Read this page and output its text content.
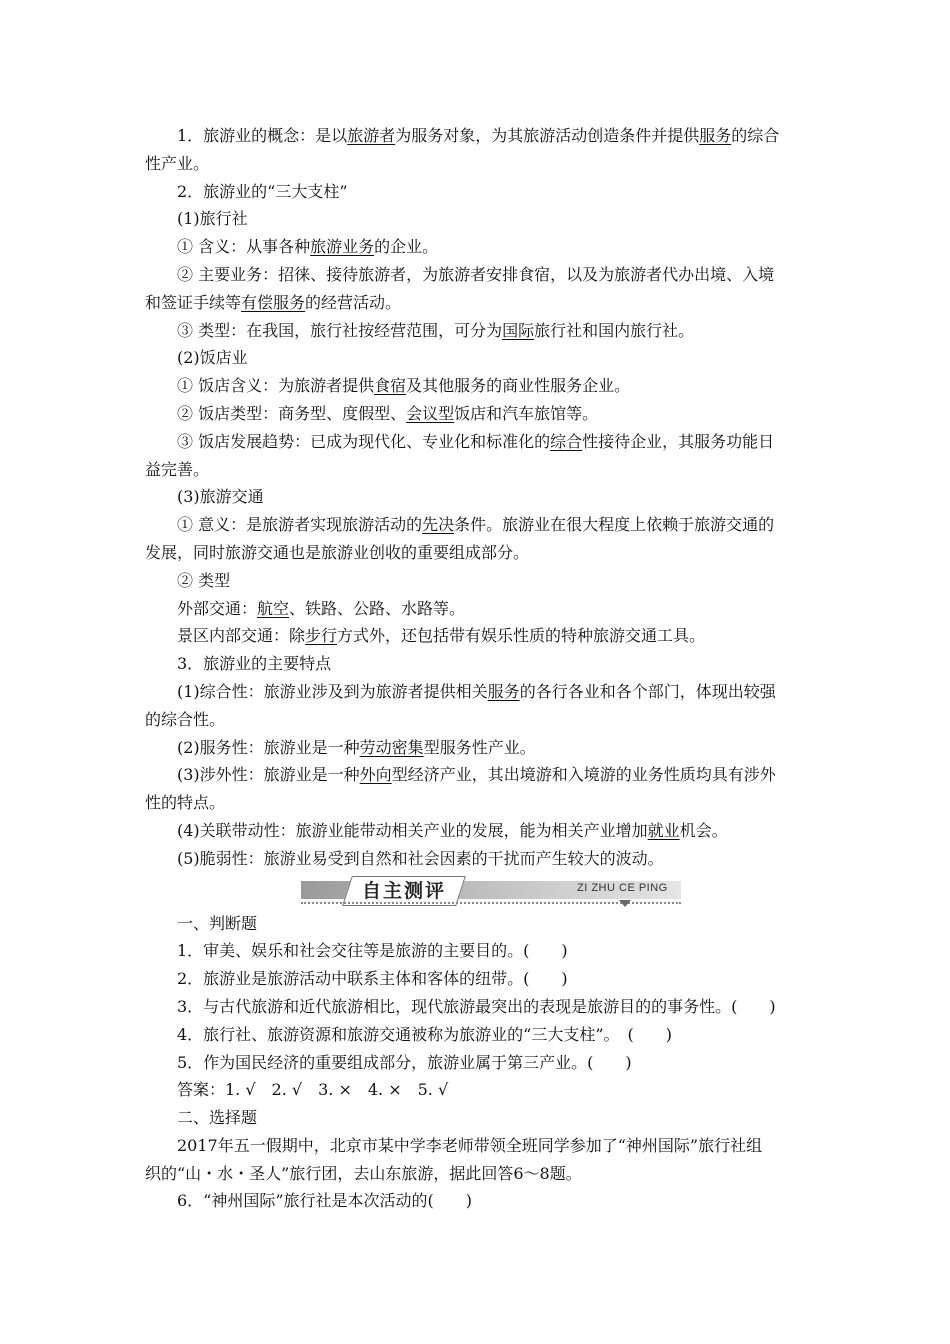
1．旅游业的概念：是以旅游者为服务对象，为其旅游活动创造条件并提供服务的综合
性产业。
2．旅游业的“三大支柱”
(1)旅行社
① 含义：从事各种旅游业务的企业。
② 主要业务：招徕、接待旅游者，为旅游者安排食宿，以及为旅游者代办出境、入境
和签证手续等有偿服务的经营活动。
③ 类型：在我国，旅行社按经营范围，可分为国际旅行社和国内旅行社。
(2)饭店业
① 饭店含义：为旅游者提供食宿及其他服务的商业性服务企业。
② 饭店类型：商务型、度假型、会议型饭店和汽车旅馆等。
③ 饭店发展趋势：已成为现代化、专业化和标准化的综合性接待企业，其服务功能日
益完善。
(3)旅游交通
① 意义：是旅游者实现旅游活动的先决条件。旅游业在很大程度上依赖于旅游交通的
发展，同时旅游交通也是旅游业创收的重要组成部分。
② 类型
外部交通：航空、铁路、公路、水路等。
景区内部交通：除步行方式外，还包括带有娱乐性质的特种旅游交通工具。
3．旅游业的主要特点
(1)综合性：旅游业涉及到为旅游者提供相关服务的各行各业和各个部门，体现出较强
的综合性。
(2)服务性：旅游业是一种劳动密集型服务性产业。
(3)涉外性：旅游业是一种外向型经济产业，其出境游和入境游的业务性质均具有涉外
性的特点。
(4)关联带动性：旅游业能带动相关产业的发展，能为相关产业增加就业机会。
(5)脆弱性：旅游业易受到自然和社会因素的干扰而产生较大的波动。
自主测评	ZI ZHU CE PING
一、判断题
1．审美、娱乐和社会交往等是旅游的主要目的。(　　)
2．旅游业是旅游活动中联系主体和客体的纽带。(　　)
3．与古代旅游和近代旅游相比，现代旅游最突出的表现是旅游目的的事务性。(　　)
4．旅行社、旅游资源和旅游交通被称为旅游业的“三大支柱”。　(　　)
5．作为国民经济的重要组成部分，旅游业属于第三产业。(　　)
答案：1. √　2. √　3. ×　4. ×　5. √
二、选择题
2017年五一假期中，北京市某中学李老师带领全班同学参加了“神州国际”旅行社组
织的“山・水・圣人”旅行团，去山东旅游，据此回答6～8题。
6．“神州国际”旅行社是本次活动的(　　)
